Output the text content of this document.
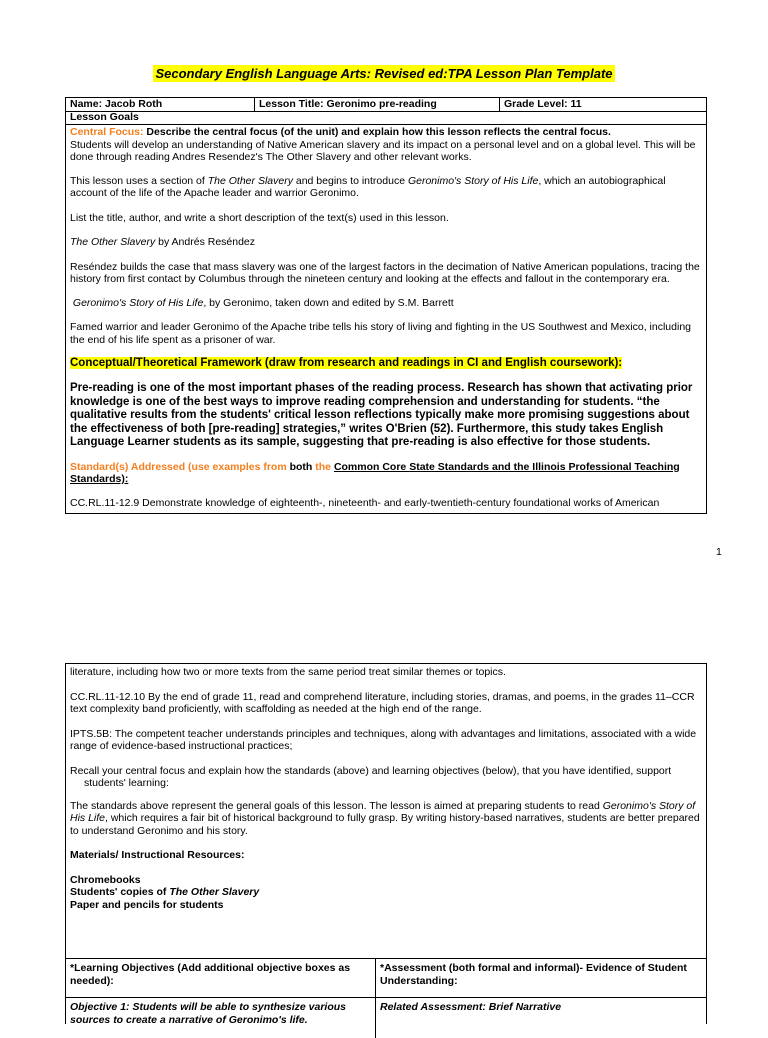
Secondary English Language Arts: Revised ed:TPA Lesson Plan Template
Name: Jacob Roth	Lesson Title: Geronimo pre-reading	Grade Level: 11
Lesson Goals

Central Focus: Describe the central focus (of the unit) and explain how this lesson reflects the central focus.

Students will develop an understanding of Native American slavery and its impact on a personal level and on a global level. This will be done through reading Andres Resendez's The Other Slavery and other relevant works.

This lesson uses a section of The Other Slavery and begins to introduce Geronimo's Story of His Life, which an autobiographical account of the life of the Apache leader and warrior Geronimo.

List the title, author, and write a short description of the text(s) used in this lesson.

The Other Slavery by Andrés Reséndez

Reséndez builds the case that mass slavery was one of the largest factors in the decimation of Native American populations, tracing the history from first contact by Columbus through the nineteen century and looking at the effects and fallout in the contemporary era.

Geronimo's Story of His Life, by Geronimo, taken down and edited by S.M. Barrett

Famed warrior and leader Geronimo of the Apache tribe tells his story of living and fighting in the US Southwest and Mexico, including the end of his life spent as a prisoner of war.

Conceptual/Theoretical Framework (draw from research and readings in CI and English coursework):

Pre-reading is one of the most important phases of the reading process. Research has shown that activating prior knowledge is one of the best ways to improve reading comprehension and understanding for students. “the qualitative results from the students' critical lesson reflections typically make more promising suggestions about the effectiveness of both [pre-reading] strategies,” writes O'Brien (52). Furthermore, this study takes English Language Learner students as its sample, suggesting that pre-reading is also effective for those students.

Standard(s) Addressed (use examples from both the Common Core State Standards and the Illinois Professional Teaching Standards):

CC.RL.11-12.9 Demonstrate knowledge of eighteenth-, nineteenth- and early-twentieth-century foundational works of American

1

literature, including how two or more texts from the same period treat similar themes or topics.

CC.RL.11-12.10 By the end of grade 11, read and comprehend literature, including stories, dramas, and poems, in the grades 11–CCR text complexity band proficiently, with scaffolding as needed at the high end of the range.

IPTS.5B: The competent teacher understands principles and techniques, along with advantages and limitations, associated with a wide range of evidence-based instructional practices;

Recall your central focus and explain how the standards (above) and learning objectives (below), that you have identified, support

students' learning:

The standards above represent the general goals of this lesson. The lesson is aimed at preparing students to read Geronimo's Story of His Life, which requires a fair bit of historical background to fully grasp. By writing history-based narratives, students are better prepared to understand Geronimo and his story.

Materials/ Instructional Resources:

Chromebooks

Students' copies of The Other Slavery

Paper and pencils for students

*Learning Objectives (Add additional objective boxes as needed):
*Assessment (both formal and informal)- Evidence of Student Understanding:
Objective 1: Students will be able to synthesize various sources to create a narrative of Geronimo's life.
Related Assessment: Brief Narrative
